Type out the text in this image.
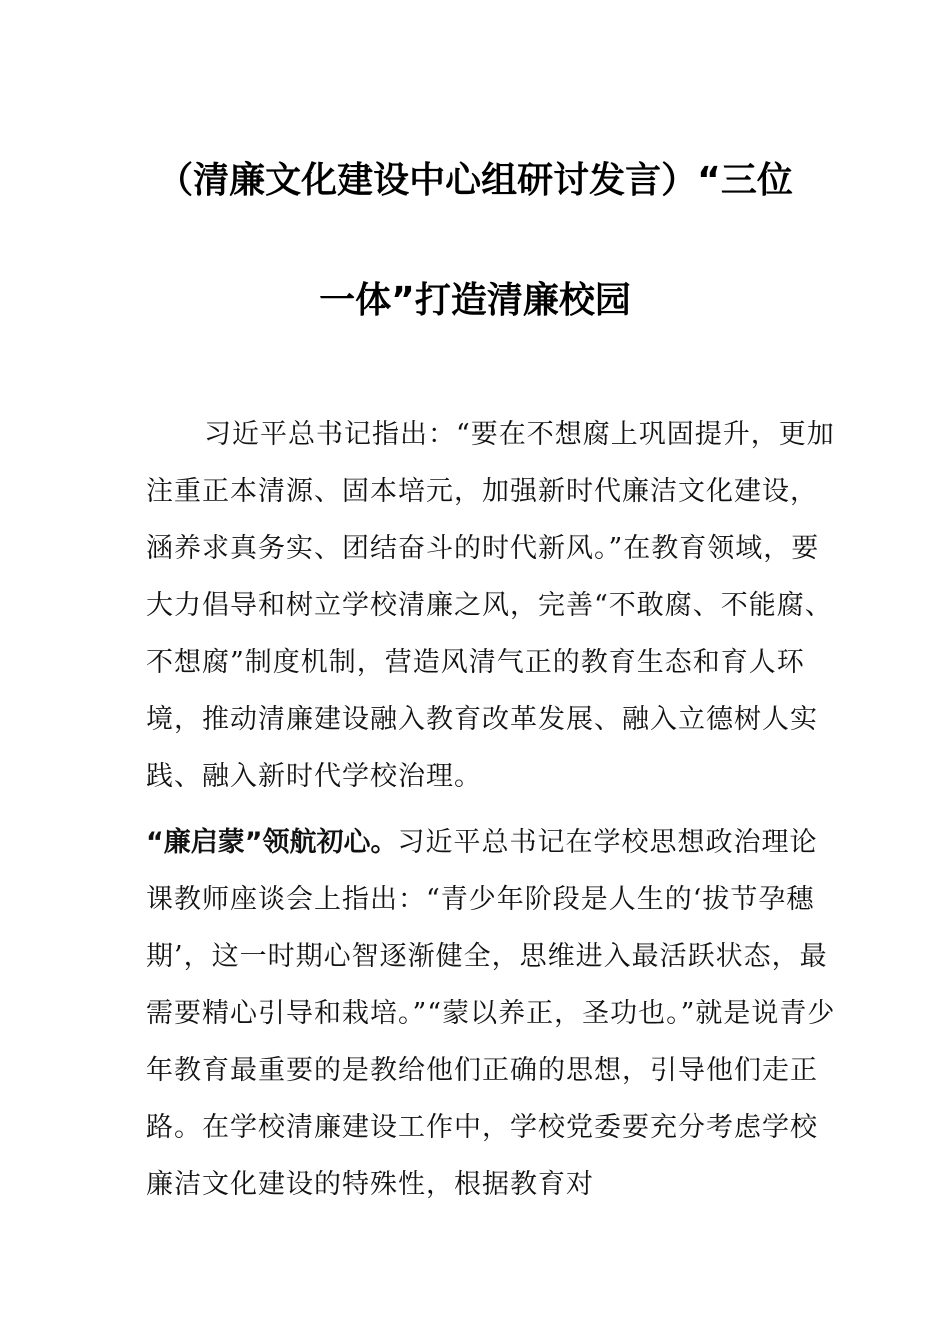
（清廉文化建设中心组研讨发言）“三位
一体”打造清廉校园

习近平总书记指出：“要在不想腐上巩固提升，更加注重正本清源、固本培元，加强新时代廉洁文化建设，涵养求真务实、团结奋斗的时代新风。”在教育领域，要大力倡导和树立学校清廉之风，完善“不敢腐、不能腐、不想腐”制度机制，营造风清气正的教育生态和育人环境，推动清廉建设融入教育改革发展、融入立德树人实践、融入新时代学校治理。

“廉启蒙”领航初心。习近平总书记在学校思想政治理论课教师座谈会上指出：“青少年阶段是人生的‘拔节孕穗期’，这一时期心智逐渐健全，思维进入最活跃状态，最需要精心引导和栽培。”“蒙以养正，圣功也。”就是说青少年教育最重要的是教给他们正确的思想，引导他们走正路。在学校清廉建设工作中，学校党委要充分考虑学校廉洁文化建设的特殊性，根据教育对
